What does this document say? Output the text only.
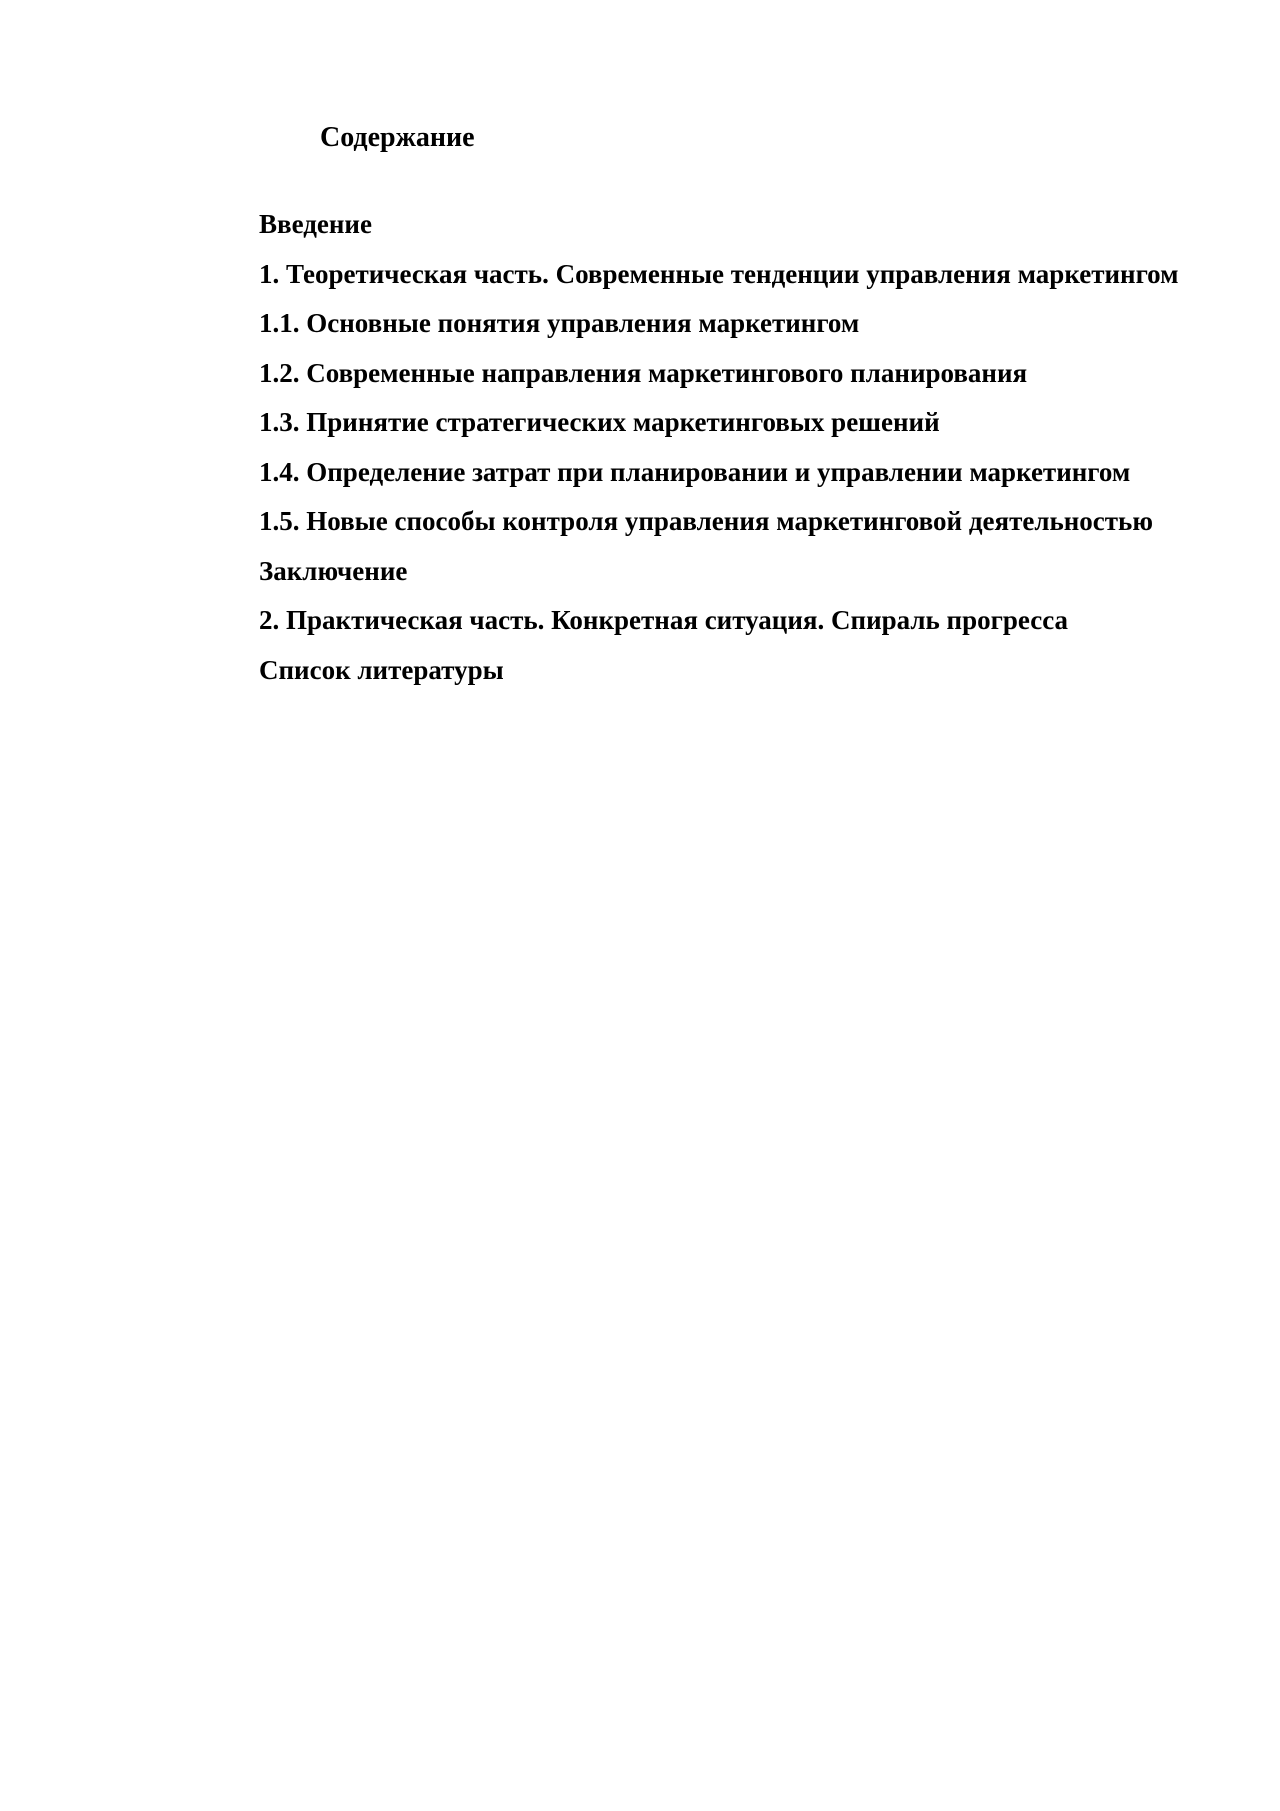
Содержание
Введение
1. Теоретическая часть. Современные тенденции управления маркетингом
1.1. Основные понятия управления маркетингом
1.2. Современные направления маркетингового планирования
1.3. Принятие стратегических маркетинговых решений
1.4. Определение затрат при планировании и управлении маркетингом
1.5. Новые способы контроля управления маркетинговой деятельностью
Заключение
2. Практическая часть. Конкретная ситуация. Спираль прогресса
Список литературы
